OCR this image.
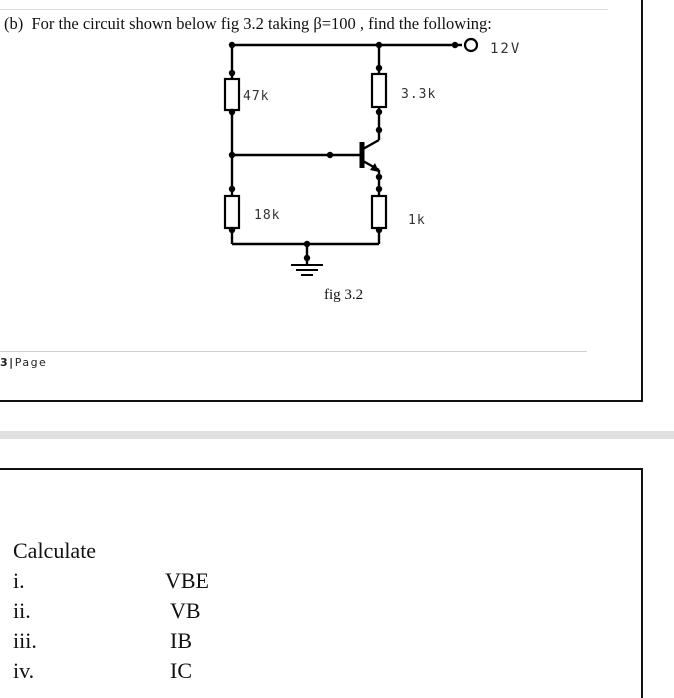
(b) For the circuit shown below fig 3.2 taking β=100 , find the following:
12V
47k	3.3k
18k	1k
fig 3.2
3|Page
Calculate
i.	VBE
ii.	VB
iii.	IB
iv.	IC
